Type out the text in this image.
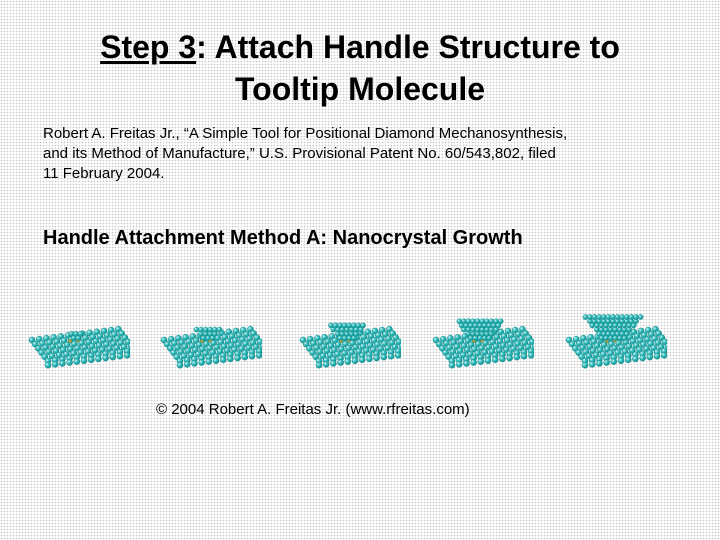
Step 3: Attach Handle Structure to
Tooltip Molecule
Robert A. Freitas Jr., “A Simple Tool for Positional Diamond Mechanosynthesis,
and its Method of Manufacture,” U.S. Provisional Patent No. 60/543,802, filed
11 February 2004.
Handle Attachment Method A: Nanocrystal Growth
© 2004 Robert A. Freitas Jr. (www.rfreitas.com)
